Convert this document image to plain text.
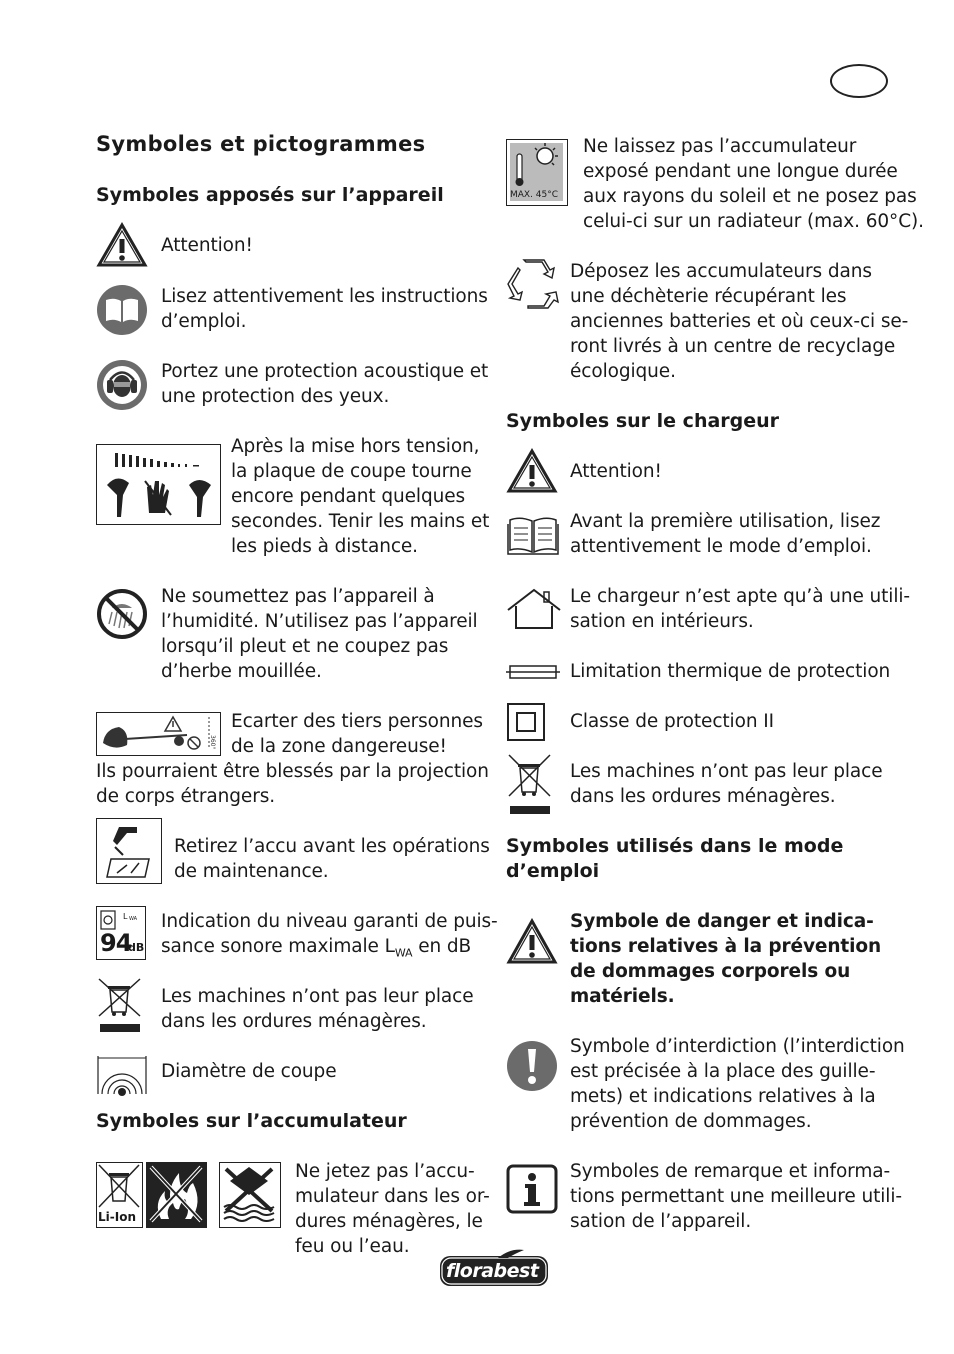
Symboles et pictogrammes
Symboles apposés sur l’appareil
Attention!
Lisez attentivement les instructions
d’emploi.
Portez une protection acoustique et
une protection des yeux.
Après la mise hors tension,
la plaque de coupe tourne
encore pendant quelques
secondes. Tenir les mains et
les pieds à distance.
Ne soumettez pas l’appareil à
l’humidité. N’utilisez pas l’appareil
lorsqu’il pleut et ne coupez pas
d’herbe mouillée.
360°
Ecarter des tiers personnes
de la zone dangereuse!
Ils pourraient être blessés par la projection
de corps étrangers.
Retirez l’accu avant les opérations
de maintenance.
L WA
94
dB
Indication du niveau garanti de puis-
sance sonore maximale $L_{WA}$ en dB
Les machines n’ont pas leur place
dans les ordures ménagères.
Diamètre de coupe
Symboles sur l’accumulateur
Li-Ion
Ne jetez pas l’accu-
mulateur dans les or-
dures ménagères, le
feu ou l’eau.
MAX. 45°C
Ne laissez pas l’accumulateur
exposé pendant une longue durée
aux rayons du soleil et ne posez pas
celui-ci sur un radiateur (max. 60°C).
Déposez les accumulateurs dans
une déchèterie récupérant les
anciennes batteries et où ceux-ci se-
ront livrés à un centre de recyclage
écologique.
Symboles sur le chargeur
Attention!
Avant la première utilisation, lisez
attentivement le mode d’emploi.
Le chargeur n’est apte qu’à une utili-
sation en intérieurs.
Limitation thermique de protection
Classe de protection II
Les machines n’ont pas leur place
dans les ordures ménagères.
Symboles utilisés dans le mode
d’emploi
Symbole de danger et indica-
tions relatives à la prévention
de dommages corporels ou
matériels.
Symbole d’interdiction (l’interdiction
est précisée à la place des guille-
mets) et indications relatives à la
prévention de dommages.
Symboles de remarque et informa-
tions permettant une meilleure utili-
sation de l’appareil.
florabest
